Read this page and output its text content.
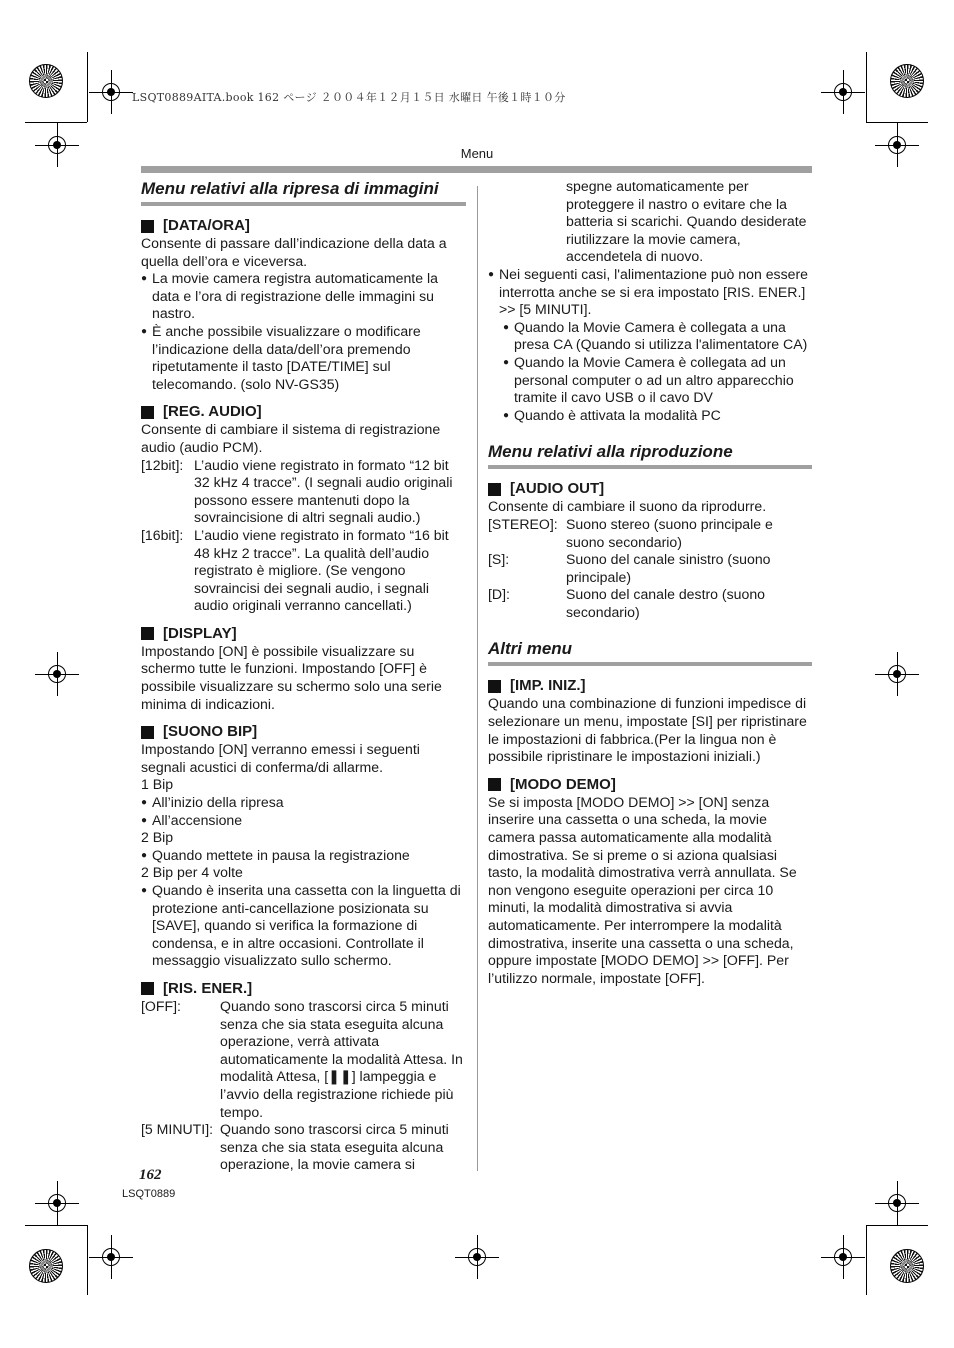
LSQT0889AITA.book 162 ページ ２００４年１２月１５日 水曜日 午後１時１０分
Menu
Menu relativi alla ripresa di immagini
[DATA/ORA]

Consente di passare dall’indicazione della data a quella dell’ora e viceversa.

● La movie camera registra automaticamente la data e l’ora di registrazione delle immagini su nastro.

● È anche possibile visualizzare o modificare l’indicazione della data/dell’ora premendo ripetutamente il tasto [DATE/TIME] sul telecomando. (solo NV-GS35)

[REG. AUDIO]

Consente di cambiare il sistema di registrazione audio (audio PCM).

[12bit]: L’audio viene registrato in formato “12 bit 32 kHz 4 tracce”. (I segnali audio originali possono essere mantenuti dopo la sovraincisione di altri segnali audio.)
[16bit]: L’audio viene registrato in formato “16 bit 48 kHz 2 tracce”. La qualità dell’audio registrato è migliore. (Se vengono sovraincisi dei segnali audio, i segnali audio originali verranno cancellati.)
[DISPLAY]

Impostando [ON] è possibile visualizzare su schermo tutte le funzioni. Impostando [OFF] è possibile visualizzare su schermo solo una serie minima di indicazioni.

[SUONO BIP]

Impostando [ON] verranno emessi i seguenti segnali acustici di conferma/di allarme.

1 Bip

● All’inizio della ripresa

● All’accensione

2 Bip

● Quando mettete in pausa la registrazione

2 Bip per 4 volte

● Quando è inserita una cassetta con la linguetta di protezione anti-cancellazione posizionata su [SAVE], quando si verifica la formazione di condensa, e in altre occasioni. Controllate il messaggio visualizzato sullo schermo.

[RIS. ENER.]
[OFF]:	Quando sono trascorsi circa 5 minuti senza che sia stata eseguita alcuna operazione, verrà attivata automaticamente la modalità Attesa. In modalità Attesa, [❚❚] lampeggia e l’avvio della registrazione richiede più tempo.
[5 MINUTI]: Quando sono trascorsi circa 5 minuti senza che sia stata eseguita alcuna operazione, la movie camera si

spegne automaticamente per proteggere il nastro o evitare che la batteria si scarichi. Quando desiderate riutilizzare la movie camera, accendetela di nuovo.

● Nei seguenti casi, l'alimentazione può non essere interrotta anche se si era impostato [RIS. ENER.] >> [5 MINUTI].

● Quando la Movie Camera è collegata a una presa CA (Quando si utilizza l'alimentatore CA)

● Quando la Movie Camera è collegata ad un personal computer o ad un altro apparecchio tramite il cavo USB o il cavo DV

● Quando è attivata la modalità PC

Menu relativi alla riproduzione
[AUDIO OUT]

Consente di cambiare il suono da riprodurre.

[STEREO]: Suono stereo (suono principale e suono secondario)
[S]:	Suono del canale sinistro (suono principale)
[D]:	Suono del canale destro (suono secondario)
Altri menu
[IMP. INIZ.]

Quando una combinazione di funzioni impedisce di selezionare un menu, impostate [SI] per ripristinare le impostazioni di fabbrica.(Per la lingua non è possibile ripristinare le impostazioni iniziali.)

[MODO DEMO]

Se si imposta [MODO DEMO] >> [ON] senza inserire una cassetta o una scheda, la movie camera passa automaticamente alla modalità dimostrativa. Se si preme o si aziona qualsiasi tasto, la modalità dimostrativa verrà annullata. Se non vengono eseguite operazioni per circa 10 minuti, la modalità dimostrativa si avvia automaticamente. Per interrompere la modalità dimostrativa, inserite una cassetta o una scheda, oppure impostate [MODO DEMO] >> [OFF]. Per l’utilizzo normale, impostate [OFF].

162
LSQT0889
